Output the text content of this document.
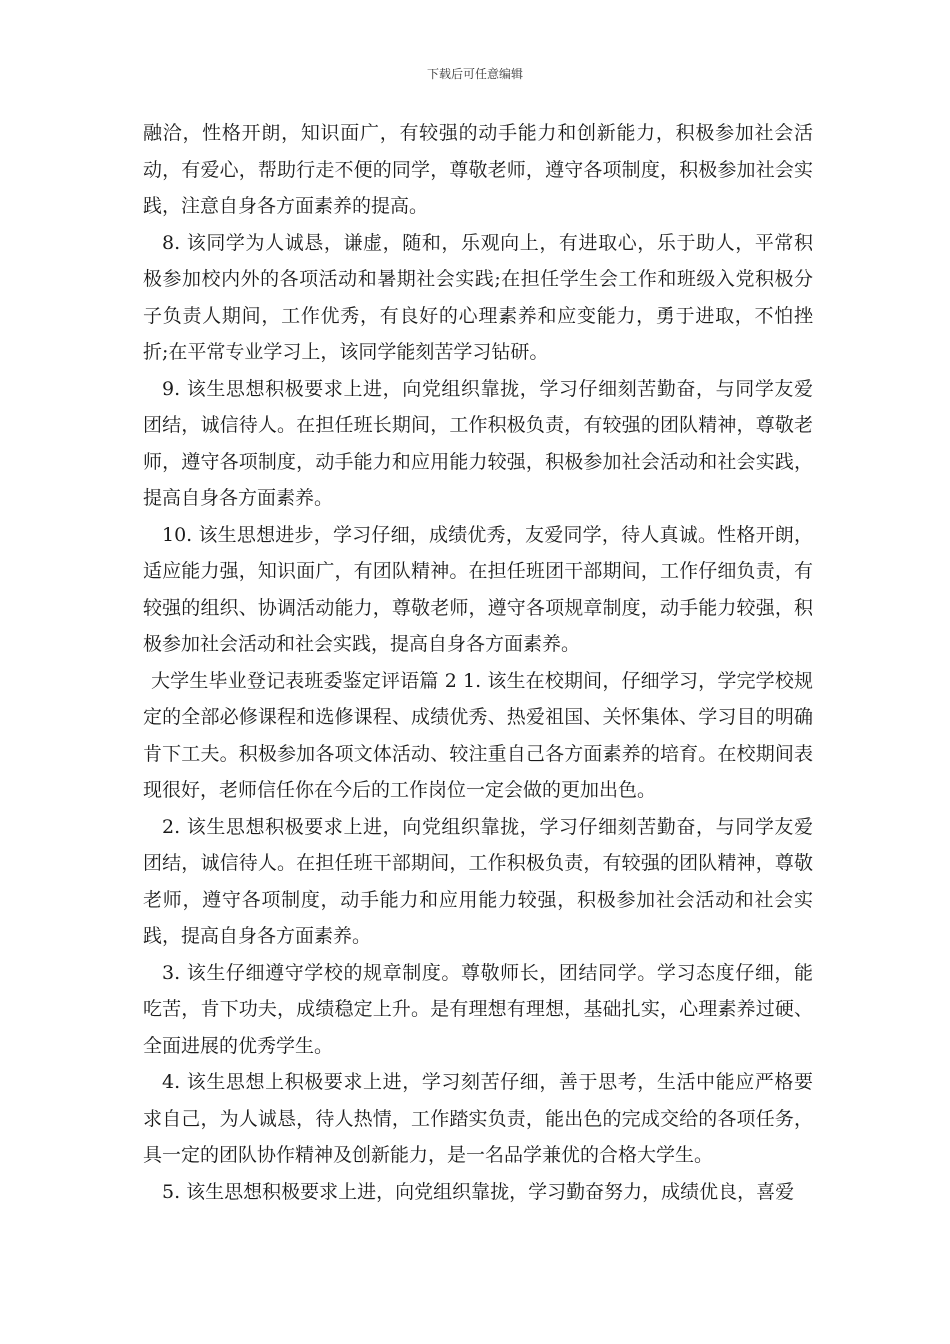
下载后可任意编辑

融洽，性格开朗，知识面广，有较强的动手能力和创新能力，积极参加社会活动，有爱心，帮助行走不便的同学，尊敬老师，遵守各项制度，积极参加社会实践，注意自身各方面素养的提高。

8. 该同学为人诚恳，谦虚，随和，乐观向上，有进取心，乐于助人，平常积极参加校内外的各项活动和暑期社会实践;在担任学生会工作和班级入党积极分子负责人期间，工作优秀，有良好的心理素养和应变能力，勇于进取，不怕挫折;在平常专业学习上，该同学能刻苦学习钻研。

9. 该生思想积极要求上进，向党组织靠拢，学习仔细刻苦勤奋，与同学友爱团结，诚信待人。在担任班长期间，工作积极负责，有较强的团队精神，尊敬老师，遵守各项制度，动手能力和应用能力较强，积极参加社会活动和社会实践，提高自身各方面素养。

10. 该生思想进步，学习仔细，成绩优秀，友爱同学，待人真诚。性格开朗，适应能力强，知识面广，有团队精神。在担任班团干部期间，工作仔细负责，有较强的组织、协调活动能力，尊敬老师，遵守各项规章制度，动手能力较强，积极参加社会活动和社会实践，提高自身各方面素养。

大学生毕业登记表班委鉴定评语篇 2 1. 该生在校期间，仔细学习，学完学校规定的全部必修课程和选修课程、成绩优秀、热爱祖国、关怀集体、学习目的明确肯下工夫。积极参加各项文体活动、较注重自己各方面素养的培育。在校期间表现很好，老师信任你在今后的工作岗位一定会做的更加出色。

2. 该生思想积极要求上进，向党组织靠拢，学习仔细刻苦勤奋，与同学友爱团结，诚信待人。在担任班干部期间，工作积极负责，有较强的团队精神，尊敬老师，遵守各项制度，动手能力和应用能力较强，积极参加社会活动和社会实践，提高自身各方面素养。

3. 该生仔细遵守学校的规章制度。尊敬师长，团结同学。学习态度仔细，能吃苦，肯下功夫，成绩稳定上升。是有理想有理想，基础扎实，心理素养过硬、全面进展的优秀学生。

4. 该生思想上积极要求上进，学习刻苦仔细，善于思考，生活中能应严格要求自己，为人诚恳，待人热情，工作踏实负责，能出色的完成交给的各项任务，具一定的团队协作精神及创新能力，是一名品学兼优的合格大学生。

5. 该生思想积极要求上进，向党组织靠拢，学习勤奋努力，成绩优良，喜爱
